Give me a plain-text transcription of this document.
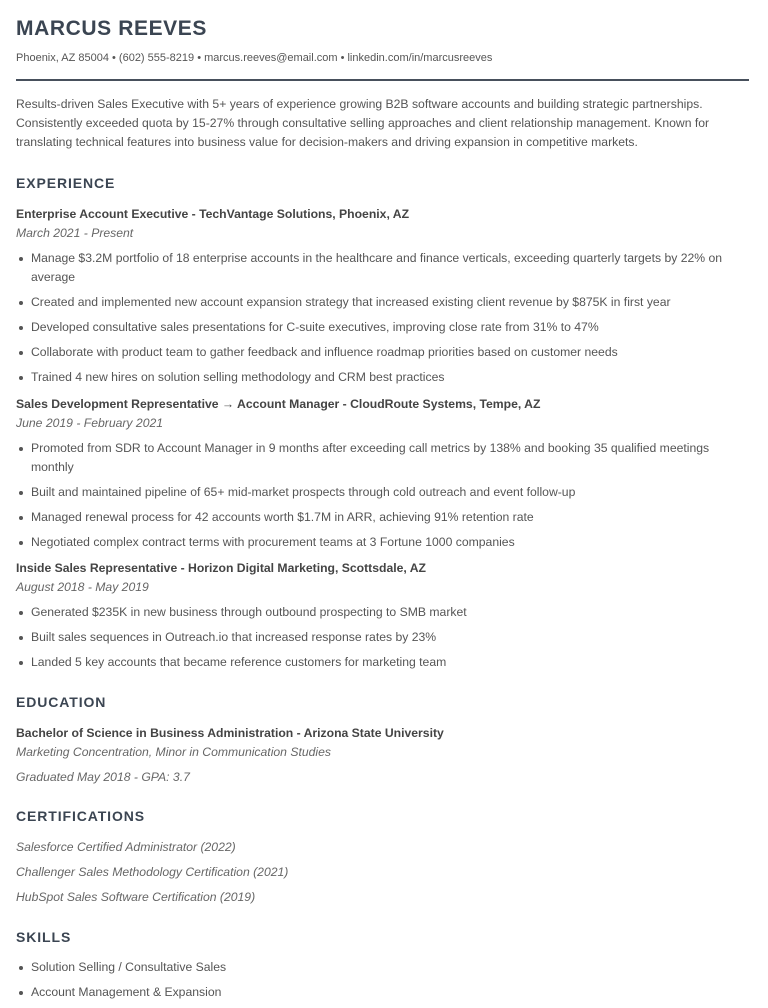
MARCUS REEVES
Phoenix, AZ 85004 • (602) 555-8219 • marcus.reeves@email.com • linkedin.com/in/marcusreeves

Results-driven Sales Executive with 5+ years of experience growing B2B software accounts and building strategic partnerships. Consistently exceeded quota by 15-27% through consultative selling approaches and client relationship management. Known for translating technical features into business value for decision-makers and driving expansion in competitive markets.

EXPERIENCE
Enterprise Account Executive - TechVantage Solutions, Phoenix, AZ
March 2021 - Present
Manage $3.2M portfolio of 18 enterprise accounts in the healthcare and finance verticals, exceeding quarterly targets by 22% on average
Created and implemented new account expansion strategy that increased existing client revenue by $875K in first year
Developed consultative sales presentations for C-suite executives, improving close rate from 31% to 47%
Collaborate with product team to gather feedback and influence roadmap priorities based on customer needs
Trained 4 new hires on solution selling methodology and CRM best practices
Sales Development Representative → Account Manager - CloudRoute Systems, Tempe, AZ
June 2019 - February 2021
Promoted from SDR to Account Manager in 9 months after exceeding call metrics by 138% and booking 35 qualified meetings monthly
Built and maintained pipeline of 65+ mid-market prospects through cold outreach and event follow-up
Managed renewal process for 42 accounts worth $1.7M in ARR, achieving 91% retention rate
Negotiated complex contract terms with procurement teams at 3 Fortune 1000 companies
Inside Sales Representative - Horizon Digital Marketing, Scottsdale, AZ
August 2018 - May 2019
Generated $235K in new business through outbound prospecting to SMB market
Built sales sequences in Outreach.io that increased response rates by 23%
Landed 5 key accounts that became reference customers for marketing team
EDUCATION
Bachelor of Science in Business Administration - Arizona State University
Marketing Concentration, Minor in Communication Studies
Graduated May 2018 - GPA: 3.7
CERTIFICATIONS
Salesforce Certified Administrator (2022)
Challenger Sales Methodology Certification (2021)
HubSpot Sales Software Certification (2019)
SKILLS
Solution Selling / Consultative Sales
Account Management & Expansion
